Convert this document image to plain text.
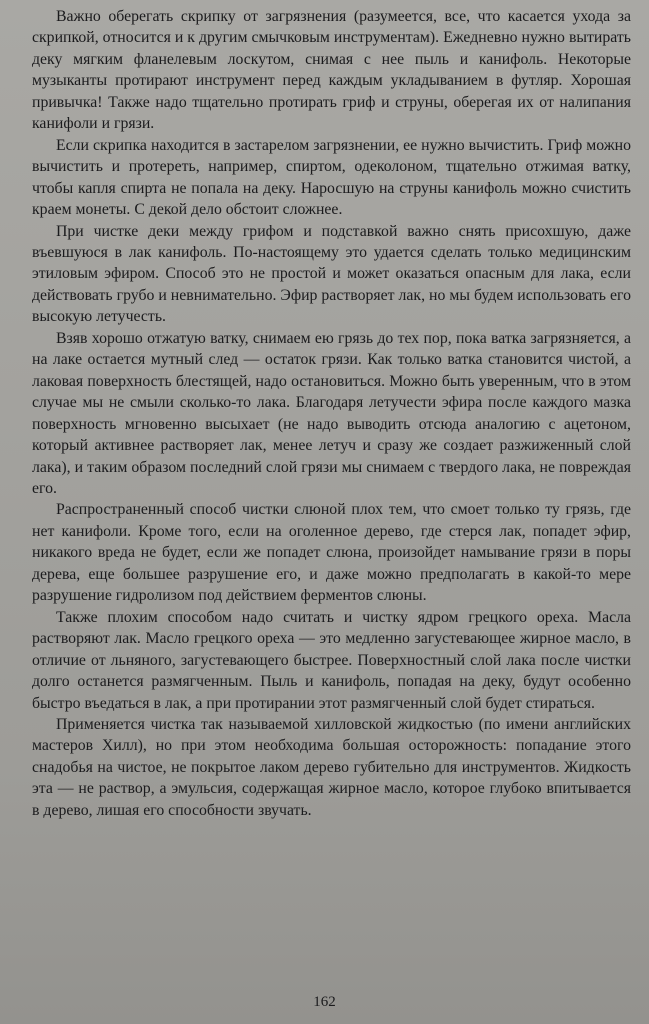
Важно оберегать скрипку от загрязнения (разумеется, все, что касается ухода за скрипкой, относится и к другим смычковым инструментам). Ежедневно нужно вытирать деку мягким фланелевым лоскутом, снимая с нее пыль и канифоль. Некоторые музыканты протирают инструмент перед каждым укладыванием в футляр. Хорошая привычка! Также надо тщательно протирать гриф и струны, оберегая их от налипания канифоли и грязи.

Если скрипка находится в застарелом загрязнении, ее нужно вычистить. Гриф можно вычистить и протереть, например, спиртом, одеколоном, тщательно отжимая ватку, чтобы капля спирта не попала на деку. Наросшую на струны канифоль можно счистить краем монеты. С декой дело обстоит сложнее.

При чистке деки между грифом и подставкой важно снять присохшую, даже въевшуюся в лак канифоль. По-настоящему это удается сделать только медицинским этиловым эфиром. Способ это не простой и может оказаться опасным для лака, если действовать грубо и невнимательно. Эфир растворяет лак, но мы будем использовать его высокую летучесть.

Взяв хорошо отжатую ватку, снимаем ею грязь до тех пор, пока ватка загрязняется, а на лаке остается мутный след — остаток грязи. Как только ватка становится чистой, а лаковая поверхность блестящей, надо остановиться. Можно быть уверенным, что в этом случае мы не смыли сколько-то лака. Благодаря летучести эфира после каждого мазка поверхность мгновенно высыхает (не надо выводить отсюда аналогию с ацетоном, который активнее растворяет лак, менее летуч и сразу же создает разжиженный слой лака), и таким образом последний слой грязи мы снимаем с твердого лака, не повреждая его.

Распространенный способ чистки слюной плох тем, что смоет только ту грязь, где нет канифоли. Кроме того, если на оголенное дерево, где стерся лак, попадет эфир, никакого вреда не будет, если же попадет слюна, произойдет намывание грязи в поры дерева, еще большее разрушение его, и даже можно предполагать в какой-то мере разрушение гидролизом под действием ферментов слюны.

Также плохим способом надо считать и чистку ядром грецкого ореха. Масла растворяют лак. Масло грецкого ореха — это медленно загустевающее жирное масло, в отличие от льняного, загустевающего быстрее. Поверхностный слой лака после чистки долго останется размягченным. Пыль и канифоль, попадая на деку, будут особенно быстро въедаться в лак, а при протирании этот размягченный слой будет стираться.

Применяется чистка так называемой хилловской жидкостью (по имени английских мастеров Хилл), но при этом необходима большая осторожность: попадание этого снадобья на чистое, не покрытое лаком дерево губительно для инструментов. Жидкость эта — не раствор, а эмульсия, содержащая жирное масло, которое глубоко впитывается в дерево, лишая его способности звучать.

162
